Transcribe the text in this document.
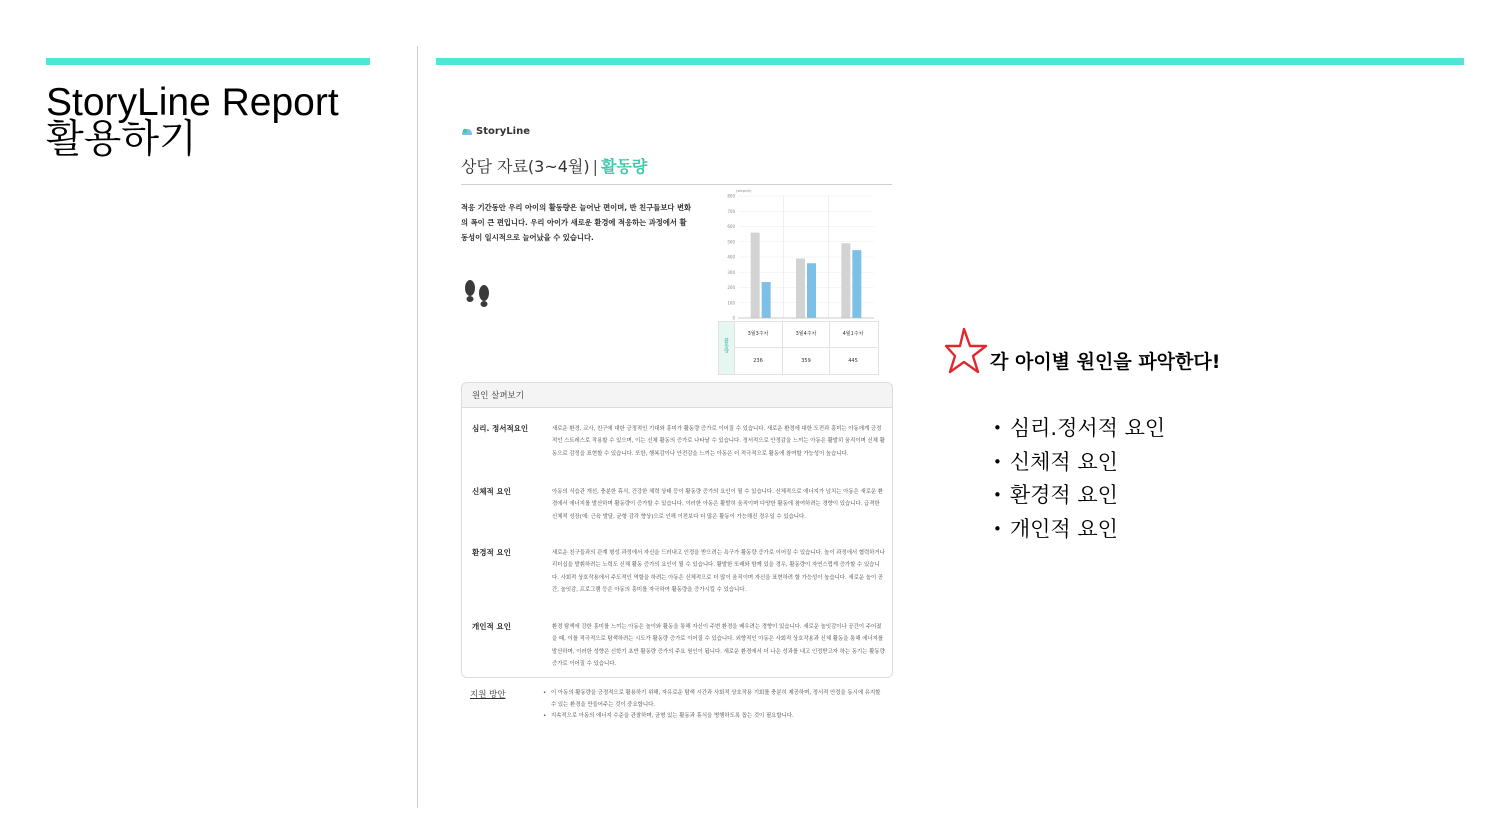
StoryLine Report
활용하기	StoryLine
상담 자료(3~4월) | 활동량
적응 기간동안 우리 아이의 활동량은 늘어난 편이며, 반 친구들보다 변화의 폭이 큰 편입니다. 우리 아이가 새로운 환경에 적응하는 과정에서 활동성이 일시적으로 늘어났을 수 있습니다.
(steps/h)
0
100
200
300
400
500
600
700
800
활동량
3월3주차
236
3월4주차
359
4월1주차
445
원인 살펴보기
심리. 정서적요인	새로운 환경, 교사, 친구에 대한 긍정적인 기대와 흥미가 활동량 증가로 이어질 수 있습니다. 새로운 환경에 대한 도전과 흥미는 아동에게 긍정적인 스트레스로 작용할 수 있으며, 이는 신체 활동의 증가로 나타날 수 있습니다. 정서적으로 안정감을 느끼는 아동은 활발히 움직이며 신체 활동으로 감정을 표현할 수 있습니다. 또한, 행복감이나 안전감을 느끼는 아동은 더 적극적으로 활동에 참여할 가능성이 높습니다.
신체적 요인	아동의 식습관 개선, 충분한 휴식, 건강한 체력 상태 등이 활동량 증가의 요인이 될 수 있습니다. 신체적으로 에너지가 넘치는 아동은 새로운 환경에서 에너지를 발산하며 활동량이 증가할 수 있습니다. 이러한 아동은 활발히 움직이며 다양한 활동에 참여하려는 경향이 있습니다. 급격한 신체적 성장(예: 근육 발달, 균형 감각 향상)으로 인해 이전보다 더 많은 활동이 가능해진 경우일 수 있습니다.
환경적 요인	새로운 친구들과의 관계 형성 과정에서 자신을 드러내고 인정을 받으려는 욕구가 활동량 증가로 이어질 수 있습니다. 놀이 과정에서 협력하거나 리더십을 발휘하려는 노력도 신체 활동 증가의 요인이 될 수 있습니다. 활발한 또래와 함께 있을 경우, 활동량이 자연스럽게 증가할 수 있습니다. 사회적 상호작용에서 주도적인 역할을 하려는 아동은 신체적으로 더 많이 움직이며 자신을 표현하려 할 가능성이 높습니다. 새로운 놀이 공간, 놀잇감, 프로그램 등은 아동의 흥미를 자극하여 활동량을 증가시킬 수 있습니다.
개인적 요인	환경 탐색에 강한 흥미를 느끼는 아동은 놀이와 활동을 통해 자신이 주변 환경을 배우려는 경향이 있습니다. 새로운 놀잇감이나 공간이 주어졌을 때, 이를 적극적으로 탐색하려는 시도가 활동량 증가로 이어질 수 있습니다. 외향적인 아동은 사회적 상호작용과 신체 활동을 통해 에너지를 발산하며, 이러한 성향은 신학기 초반 활동량 증가의 주요 원인이 됩니다. 새로운 환경에서 더 나은 성과를 내고 인정받고자 하는 동기는 활동량 증가로 이어질 수 있습니다.
지원 방안
•	이 아동의 활동량을 긍정적으로 활용하기 위해, 자유로운 탐색 시간과 사회적 상호작용 기회를 충분히 제공하며, 정서적 안정을 동시에 유지할 수 있는 환경을 만들어주는 것이 중요합니다.
• 지속적으로 아동의 에너지 수준을 관찰하며, 균형 있는 활동과 휴식을 병행하도록 돕는 것이 필요합니다.
각 아이별 원인을 파악한다!
• 심리.정서적 요인
• 신체적 요인
• 환경적 요인
• 개인적 요인
